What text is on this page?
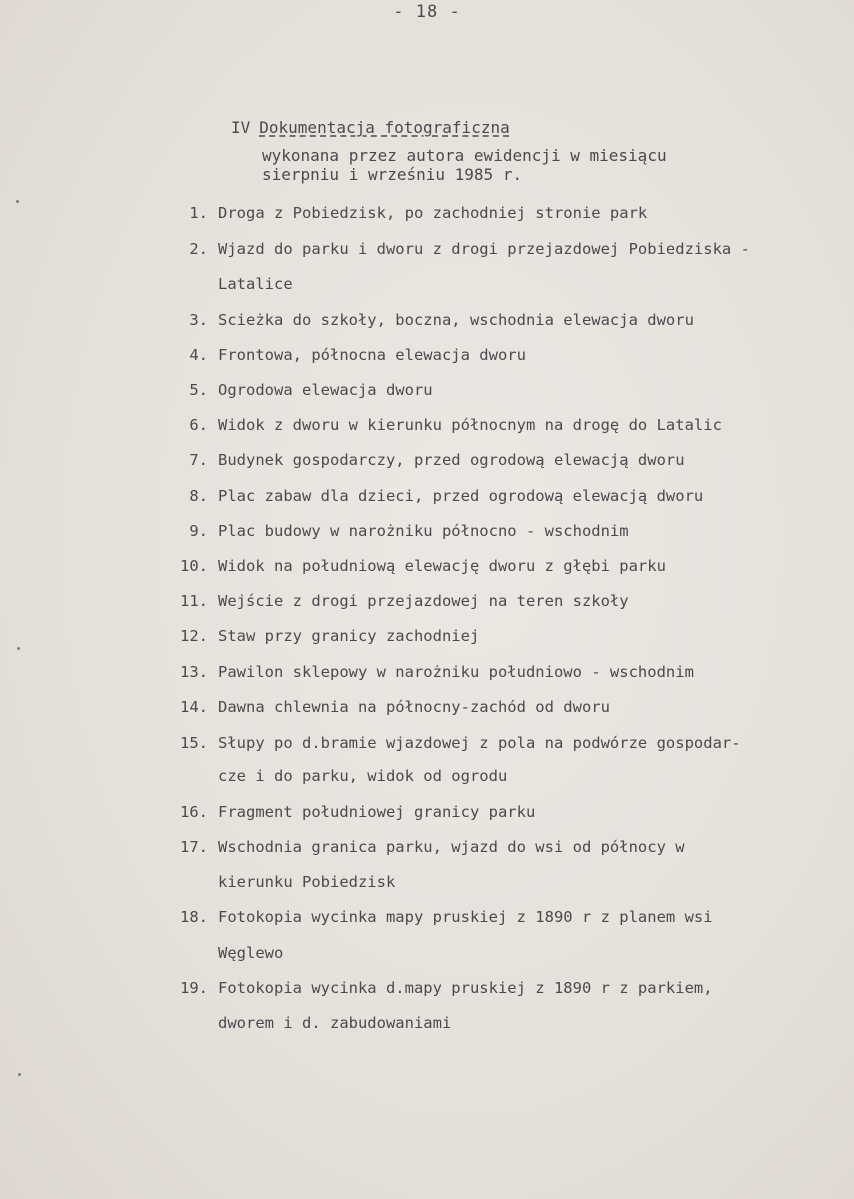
- 18 -
IV Dokumentacja fotograficzna
wykonana przez autora ewidencji w miesiącu
sierpniu i wrześniu 1985 r.
1. Droga z Pobiedzisk, po zachodniej stronie park
2. Wjazd do parku i dworu z drogi przejazdowej Pobiedziska -
Latalice
3. Scieżka do szkoły, boczna, wschodnia elewacja dworu
4. Frontowa, północna elewacja dworu
5. Ogrodowa elewacja dworu
6. Widok z dworu w kierunku północnym na drogę do Latalic
7. Budynek gospodarczy, przed ogrodową elewacją dworu
8. Plac zabaw dla dzieci, przed ogrodową elewacją dworu
9. Plac budowy w narożniku północno - wschodnim
10. Widok na południową elewację dworu z głębi parku
11. Wejście z drogi przejazdowej na teren szkoły
12. Staw przy granicy zachodniej
13. Pawilon sklepowy w narożniku południowo - wschodnim
14. Dawna chlewnia na północny-zachód od dworu
15. Słupy po d.bramie wjazdowej z pola na podwórze gospodar-
cze i do parku, widok od ogrodu
16. Fragment południowej granicy parku
17. Wschodnia granica parku, wjazd do wsi od północy w
kierunku Pobiedzisk
18. Fotokopia wycinka mapy pruskiej z 1890 r z planem wsi
Węglewo
19. Fotokopia wycinka d.mapy pruskiej z 1890 r z parkiem,
dworem i d. zabudowaniami
